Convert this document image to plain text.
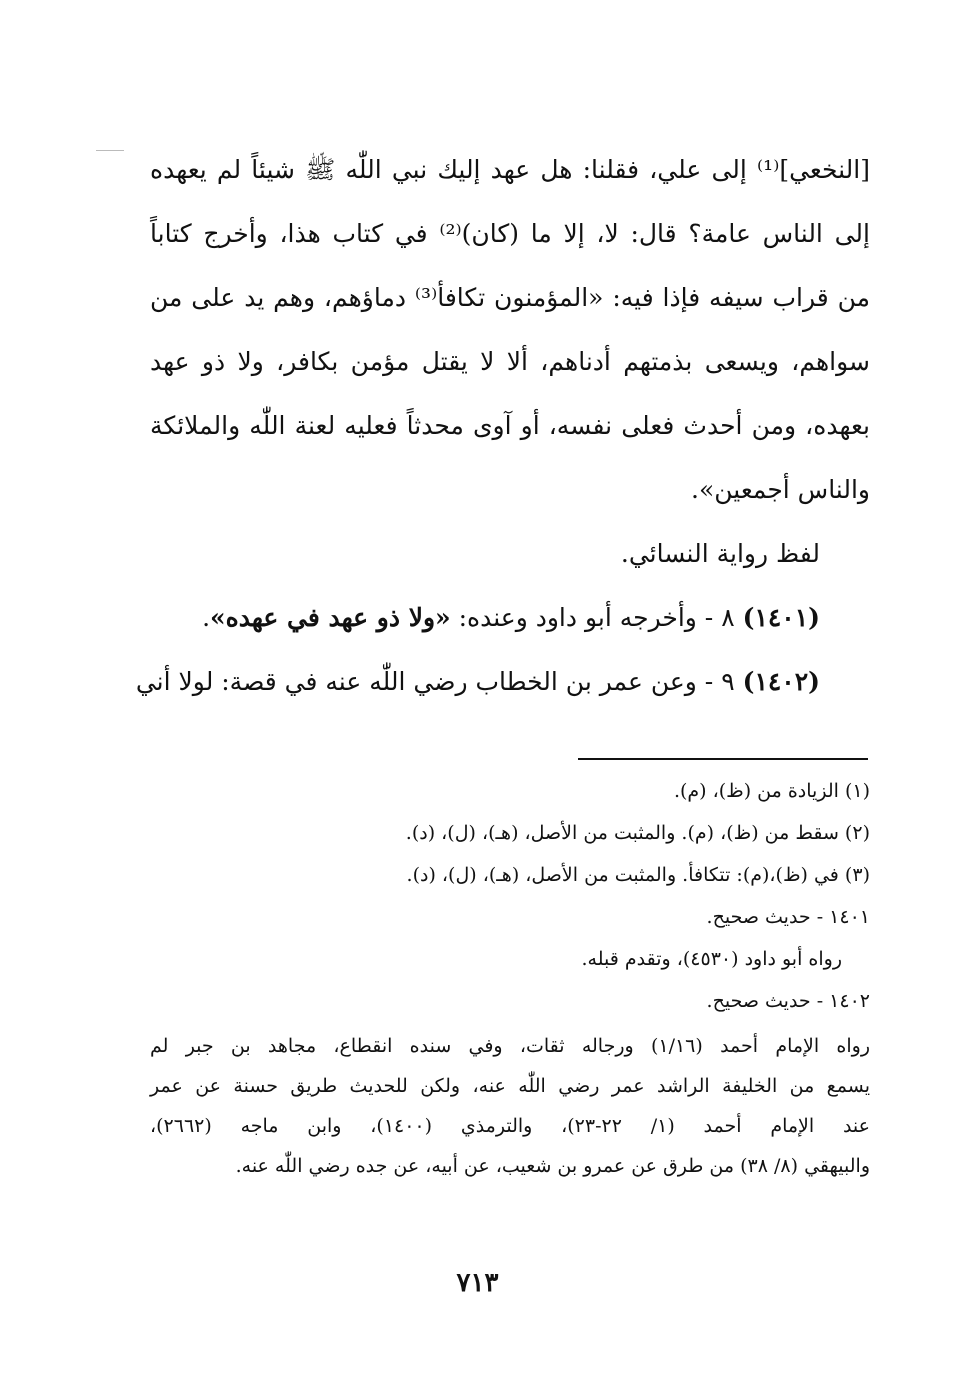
[النخعي]⁽¹⁾ إلى علي، فقلنا: هل عهد إليك نبي اللّٰه ﷺ شيئاً لم يعهده
إلى الناس عامة؟ قال: لا، إلا ما (كان)⁽²⁾ في كتاب هذا، وأخرج كتاباً
من قراب سيفه فإذا فيه: «المؤمنون تكافأ⁽³⁾ دماؤهم، وهم يد على من
سواهم، ويسعى بذمتهم أدناهم، ألا لا يقتل مؤمن بكافر، ولا ذو عهد
بعهده، ومن أحدث فعلى نفسه، أو آوى محدثاً فعليه لعنة اللّٰه والملائكة
والناس أجمعين».
لفظ رواية النسائي.
(١٤٠١) ٨ - وأخرجه أبو داود وعنده: «ولا ذو عهد في عهده».
(١٤٠٢) ٩ - وعن عمر بن الخطاب رضي اللّٰه عنه في قصة: لولا أني
(١) الزيادة من (ظ)، (م).
(٢) سقط من (ظ)، (م). والمثبت من الأصل، (هـ)، (ل)، (د).
(٣) في (ظ)،(م): تتكافأ. والمثبت من الأصل، (هـ)، (ل)، (د).
١٤٠١ - حديث صحيح.
رواه أبو داود (٤٥٣٠)، وتقدم قبله.
١٤٠٢ - حديث صحيح.
رواه الإمام أحمد (١/١٦) ورجاله ثقات، وفي سنده انقطاع، مجاهد بن جبر لم
يسمع من الخليفة الراشد عمر رضي اللّٰه عنه، ولكن للحديث طريق حسنة عن عمر
عند الإمام أحمد (١/ ٢٢-٢٣)، والترمذي (١٤٠٠)، وابن ماجه (٢٦٦٢)،
والبيهقي (٨/ ٣٨) من طرق عن عمرو بن شعيب، عن أبيه، عن جده رضي اللّٰه عنه.
٧١٣
